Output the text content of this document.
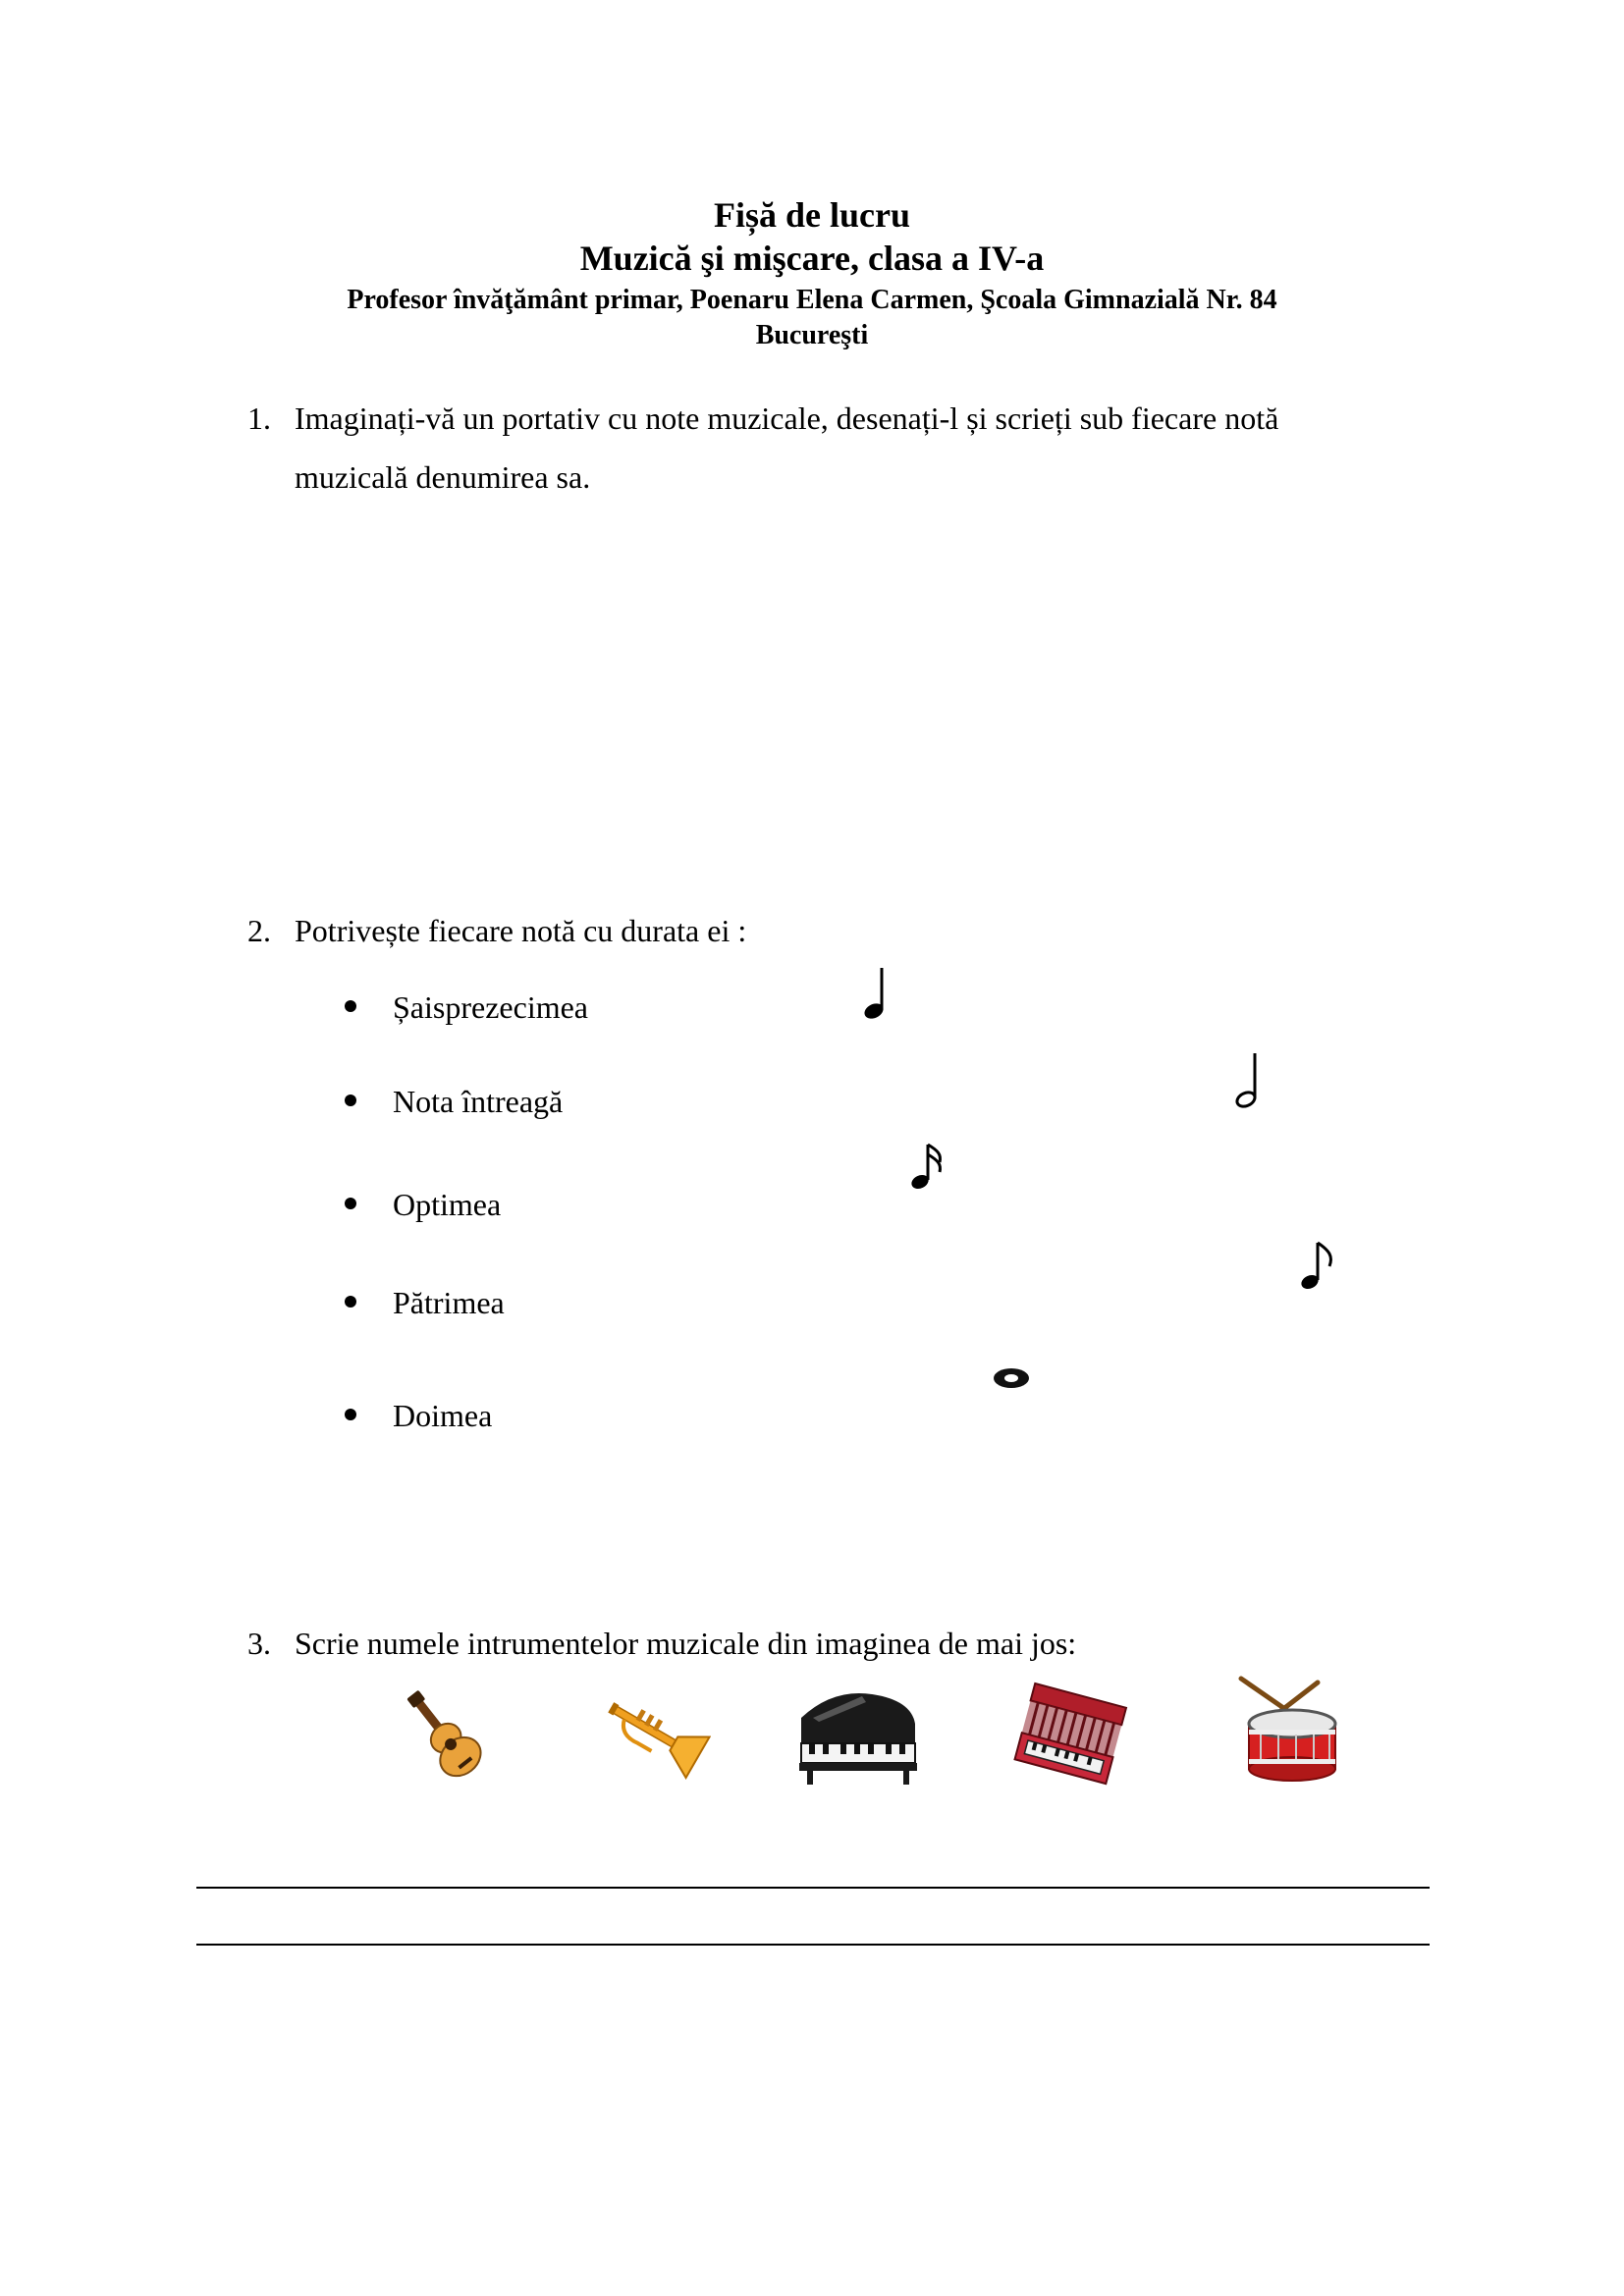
Fișă de lucru
Muzică şi mişcare, clasa a IV-a
Profesor învăţământ primar, Poenaru Elena Carmen, Şcoala Gimnazială Nr. 84
Bucureşti
1. Imaginați-vă un portativ cu note muzicale, desenați-l și scrieți sub fiecare notă
muzicală denumirea sa.
2. Potrivește fiecare notă cu durata ei :
Șaisprezecimea
Nota întreagă
Optimea
Pătrimea
Doimea
3. Scrie numele intrumentelor muzicale din imaginea de mai jos:
